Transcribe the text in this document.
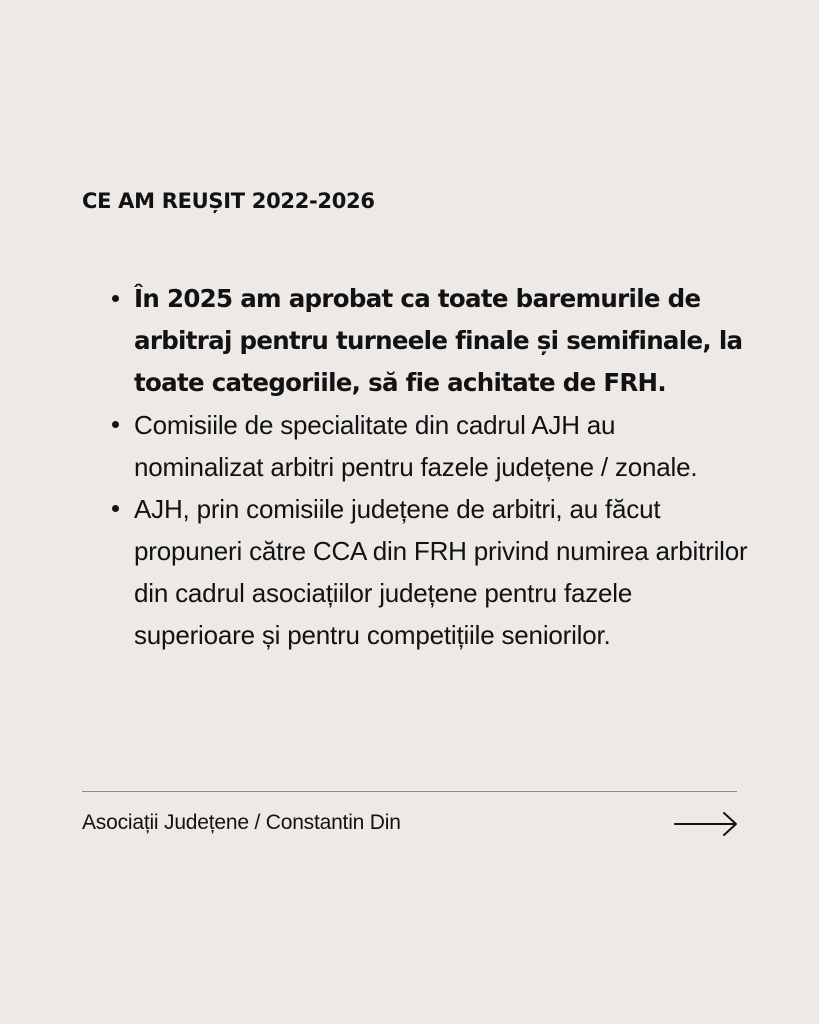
CE AM REUȘIT 2022-2026
În 2025 am aprobat ca toate baremurile de arbitraj pentru turneele finale și semifinale, la toate categoriile, să fie achitate de FRH.
Comisiile de specialitate din cadrul AJH au nominalizat arbitri pentru fazele județene / zonale.
AJH, prin comisiile județene de arbitri, au făcut propuneri către CCA din FRH privind numirea arbitrilor din cadrul asociațiilor județene pentru fazele superioare și pentru competițiile seniorilor.
Asociații Județene / Constantin Din
